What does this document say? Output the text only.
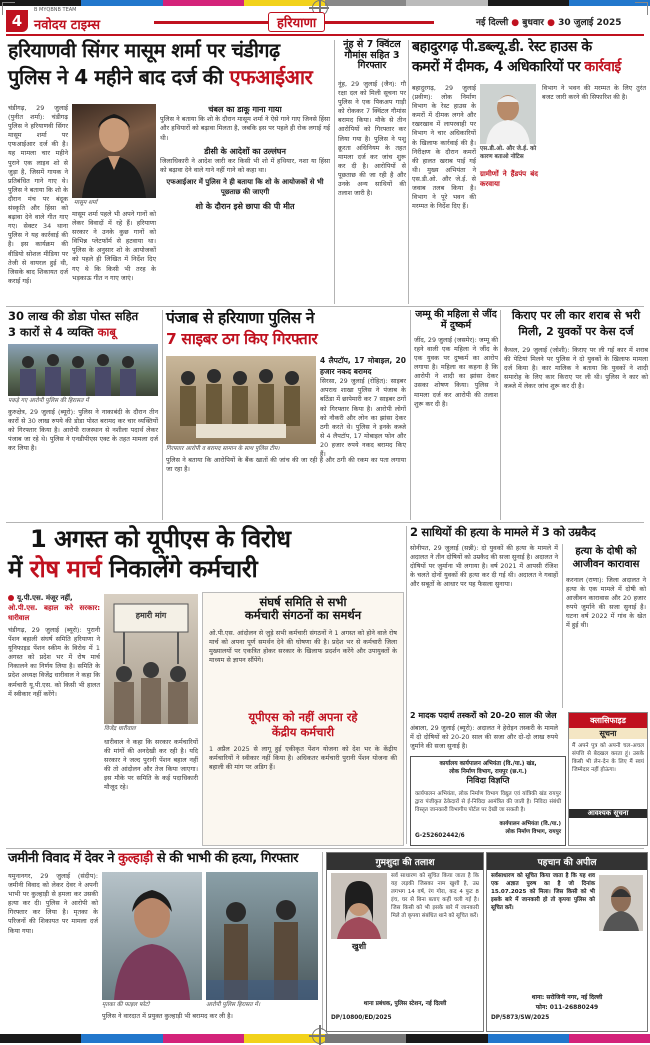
4
B MYQBNB TEAM
नवोदय टाइम्स	हरियाणा	नई दिल्ली ● बुधवार ● 30 जुलाई 2025
हरियाणवी सिंगर मासूम शर्मा पर चंडीगढ़
पुलिस ने 4 महीने बाद दर्ज की एफआईआर
चंडीगढ़, 29 जुलाई (पुनीत शर्मा): चंडीगढ़ पुलिस ने हरियाणवी सिंगर मासूम शर्मा पर एफआईआर दर्ज की है। यह मामला चार महीने पुराने एक लाइव शो से जुड़ा है, जिसमें गायक ने प्रतिबंधित गाने गाए थे। पुलिस ने बताया कि शो के दौरान मंच पर बंदूक संस्कृति और हिंसा को बढ़ावा देने वाले गीत गाए गए। सेक्टर 34 थाना पुलिस ने यह कार्रवाई की है। इस कार्यक्रम की वीडियो सोशल मीडिया पर तेजी से वायरल हुई थी, जिसके बाद शिकायत दर्ज कराई गई।
मासूम शर्मा
मासूम शर्मा पहले भी अपने गानों को लेकर विवादों में रहे हैं। हरियाणा सरकार ने उनके कुछ गानों को विभिन्न प्लेटफॉर्म से हटवाया था। पुलिस के अनुसार शो के आयोजकों को पहले ही लिखित में निर्देश दिए गए थे कि किसी भी तरह के भड़काऊ गीत न गाए जाएं।
चंबल का डाकू गाना गाया

पुलिस ने बताया कि शो के दौरान मासूम शर्मा ने ऐसे गाने गाए जिनसे हिंसा और हथियारों को बढ़ावा मिलता है, जबकि इस पर पहले ही रोक लगाई गई थी।

डीसी के आदेशों का उल्लंघन

जिलाधिकारी ने आदेश जारी कर किसी भी शो में हथियार, नशा या हिंसा को बढ़ावा देने वाले गाने नहीं गाने को कहा था।

एफआईआर में पुलिस ने ही बताया कि शो के आयोजकों से भी पूछताछ की जाएगी
शो के दौरान इसे छापा की पी मीत
नूंह से 7 क्विंटल गौमांस सहित 3 गिरफ्तार
नूंह, 29 जुलाई (जैन): गौ रक्षा दल को मिली सूचना पर पुलिस ने एक पिकअप गाड़ी को रोककर 7 क्विंटल गौमांस बरामद किया। मौके से तीन आरोपियों को गिरफ्तार कर लिया गया है। पुलिस ने पशु क्रूरता अधिनियम के तहत मामला दर्ज कर जांच शुरू कर दी है। आरोपियों से पूछताछ की जा रही है और उनके अन्य साथियों की तलाश जारी है।
बहादुरगढ़ पी.डब्ल्यू.डी. रेस्ट हाउस के
कमरों में दीमक, 4 अधिकारियों पर कार्रवाई
बहादुरगढ़, 29 जुलाई (प्रवीण): लोक निर्माण विभाग के रेस्ट हाउस के कमरों में दीमक लगने और रखरखाव में लापरवाही पर विभाग ने चार अधिकारियों के खिलाफ कार्रवाई की है। निरीक्षण के दौरान कमरों की हालत खराब पाई गई थी। मुख्य अभियंता ने एस.डी.ओ. और जे.ई. से जवाब तलब किया है। विभाग ने पूरे भवन की मरम्मत के निर्देश दिए हैं।
एस.डी.ओ. और जे.ई. को कारण बताओ नोटिस
ग्रामीणों ने हैंडपंप बंद करवाया

विभाग ने भवन की मरम्मत के लिए तुरंत बजट जारी करने की सिफारिश की है।

30 लाख की डोडा पोस्त सहित
3 कारों से 4 व्यक्ति काबू
पकड़े गए आरोपी पुलिस की हिरासत में
कुरुक्षेत्र, 29 जुलाई (ब्यूरो): पुलिस ने नाकाबंदी के दौरान तीन कारों से 30 लाख रुपये की डोडा पोस्त बरामद कर चार व्यक्तियों को गिरफ्तार किया है। आरोपी राजस्थान से नशीला पदार्थ लेकर पंजाब जा रहे थे। पुलिस ने एनडीपीएस एक्ट के तहत मामला दर्ज कर लिया है।
पंजाब से हरियाणा पुलिस ने
7 साइबर ठग किए गिरफ्तार
4 लैपटॉप, 17 मोबाइल, 20 हजार नकद बरामद

सिरसा, 29 जुलाई (रोहित): साइबर अपराध शाखा पुलिस ने पंजाब के बठिंडा में छापेमारी कर 7 साइबर ठगों को गिरफ्तार किया है। आरोपी लोगों को नौकरी और लोन का झांसा देकर ठगी करते थे। पुलिस ने इनके कब्जे से 4 लैपटॉप, 17 मोबाइल फोन और 20 हजार रुपये नकद बरामद किए हैं।

गिरफ्तार आरोपी व बरामद सामान के साथ पुलिस टीम।

पुलिस ने बताया कि आरोपियों के बैंक खातों की जांच की जा रही है और ठगी की रकम का पता लगाया जा रहा है।

जम्मू की महिला से जींद में दुष्कर्म
जींद, 29 जुलाई (जसमेर): जम्मू की रहने वाली एक महिला ने जींद के एक युवक पर दुष्कर्म का आरोप लगाया है। महिला का कहना है कि आरोपी ने शादी का झांसा देकर उसका शोषण किया। पुलिस ने मामला दर्ज कर आरोपी की तलाश शुरू कर दी है।
किराए पर ली कार शराब से भरी
मिली, 2 युवकों पर केस दर्ज
कैथल, 29 जुलाई (जोशी): किराए पर ली गई कार में शराब की पेटियां मिलने पर पुलिस ने दो युवकों के खिलाफ मामला दर्ज किया है। कार मालिक ने बताया कि युवकों ने शादी समारोह के लिए कार किराए पर ली थी। पुलिस ने कार को कब्जे में लेकर जांच शुरू कर दी है।
1 अगस्त को यूपीएस के विरोध
में रोष मार्च निकालेंगे कर्मचारी
यू.पी.एस. मंजूर नहीं,
ओ.पी.एस. बहाल करे सरकार: धारीवाल
चंडीगढ़, 29 जुलाई (ब्यूरो): पुरानी पेंशन बहाली संघर्ष समिति हरियाणा ने यूनिफाइड पेंशन स्कीम के विरोध में 1 अगस्त को प्रदेश भर में रोष मार्च निकालने का निर्णय लिया है। समिति के प्रदेश अध्यक्ष विजेंद्र धारीवाल ने कहा कि कर्मचारी यू.पी.एस. को किसी भी हालत में स्वीकार नहीं करेंगे।
हमारी मांग
विजेंद्र धारीवाल
धारीवाल ने कहा कि सरकार कर्मचारियों की मांगों की अनदेखी कर रही है। यदि सरकार ने जल्द पुरानी पेंशन बहाल नहीं की तो आंदोलन और तेज किया जाएगा। इस मौके पर समिति के कई पदाधिकारी मौजूद रहे।
संघर्ष समिति से सभी
कर्मचारी संगठनों का समर्थन
ओ.पी.एस. आंदोलन से जुड़े सभी कर्मचारी संगठनों ने 1 अगस्त को होने वाले रोष मार्च को अपना पूर्ण समर्थन देने की घोषणा की है। प्रदेश भर से कर्मचारी जिला मुख्यालयों पर एकत्रित होकर सरकार के खिलाफ प्रदर्शन करेंगे और उपायुक्तों के माध्यम से ज्ञापन सौंपेंगे।
यूपीएस को नहीं अपना रहे
केंद्रीय कर्मचारी
1 अप्रैल 2025 से लागू हुई एकीकृत पेंशन योजना को देश भर के केंद्रीय कर्मचारियों ने स्वीकार नहीं किया है। अधिकतर कर्मचारी पुरानी पेंशन योजना की बहाली की मांग पर अडिग हैं।
2 साथियों की हत्या के मामले में 3 को उम्रकैद
सोनीपत, 29 जुलाई (सन्नी): दो युवकों की हत्या के मामले में अदालत ने तीन दोषियों को उम्रकैद की सजा सुनाई है। अदालत ने दोषियों पर जुर्माना भी लगाया है। वर्ष 2021 में आपसी रंजिश के चलते दोनों युवकों की हत्या कर दी गई थी। अदालत ने गवाहों और सबूतों के आधार पर यह फैसला सुनाया।
2 मादक पदार्थ तस्करों को 20-20 साल की जेल
अंबाला, 29 जुलाई (ब्यूरो): अदालत ने हेरोइन तस्करी के मामले में दो दोषियों को 20-20 साल की सजा और दो-दो लाख रुपये जुर्माने की सजा सुनाई है।
हत्या के दोषी को
आजीवन कारावास
करनाल (राणा): जिला अदालत ने हत्या के एक मामले में दोषी को आजीवन कारावास और 20 हजार रुपये जुर्माने की सजा सुनाई है। घटना वर्ष 2022 में गांव के खेत में हुई थी।
कार्यालय कार्यपालन अभियंता (वि./या.) खंड,
लोक निर्माण विभाग, रायपुर (छ.ग.)
निविदा विज्ञप्ति
कार्यपालन अभियंता, लोक निर्माण विभाग विद्युत एवं यांत्रिकी खंड रायपुर द्वारा पंजीकृत ठेकेदारों से ई-निविदा आमंत्रित की जाती है। निविदा संबंधी विस्तृत जानकारी विभागीय पोर्टल पर देखी जा सकती है।
कार्यपालन अभियंता (वि./या.)
लोक निर्माण विभाग, रायपुर
G-252602442/6
क्लासिफाइड
सूचना
मैं अपने पुत्र को अपनी चल-अचल संपत्ति से बेदखल करता हूं। उसके किसी भी लेन-देन के लिए मैं स्वयं जिम्मेदार नहीं होऊंगा।
आवश्यक सूचना
जमीनी विवाद में देवर ने कुल्हाड़ी से की भाभी की हत्या, गिरफ्तार
यमुनानगर, 29 जुलाई (संदीप): जमीनी विवाद को लेकर देवर ने अपनी भाभी पर कुल्हाड़ी से हमला कर उसकी हत्या कर दी। पुलिस ने आरोपी को गिरफ्तार कर लिया है। मृतका के परिजनों की शिकायत पर मामला दर्ज किया गया।
मृतका की फाइल फोटो	आरोपी पुलिस हिरासत में।

पुलिस ने वारदात में प्रयुक्त कुल्हाड़ी भी बरामद कर ली है।

गुमशुदा की तलाश
खुशी
सर्व साधारण को सूचित किया जाता है कि यह लड़की जिसका नाम खुशी है, उम्र लगभग 14 वर्ष, रंग गोरा, कद 4 फुट 8 इंच, घर से बिना बताए कहीं चली गई है। जिस किसी को भी इसके बारे में जानकारी मिले तो कृपया संबंधित थाने को सूचित करें।
थाना प्रबंधक, पुलिस स्टेशन, नई दिल्ली
DP/10800/ED/2025
पहचान की अपील
सर्वसाधारण को सूचित किया जाता है कि यह शव एक अज्ञात पुरुष का है जो दिनांक 15.07.2025 को मिला। जिस किसी को भी इसके बारे में जानकारी हो तो कृपया पुलिस को सूचित करें।
थाना: सरोजिनी नगर, नई दिल्ली
फोन: 011-26880249
DP/5873/SW/2025
